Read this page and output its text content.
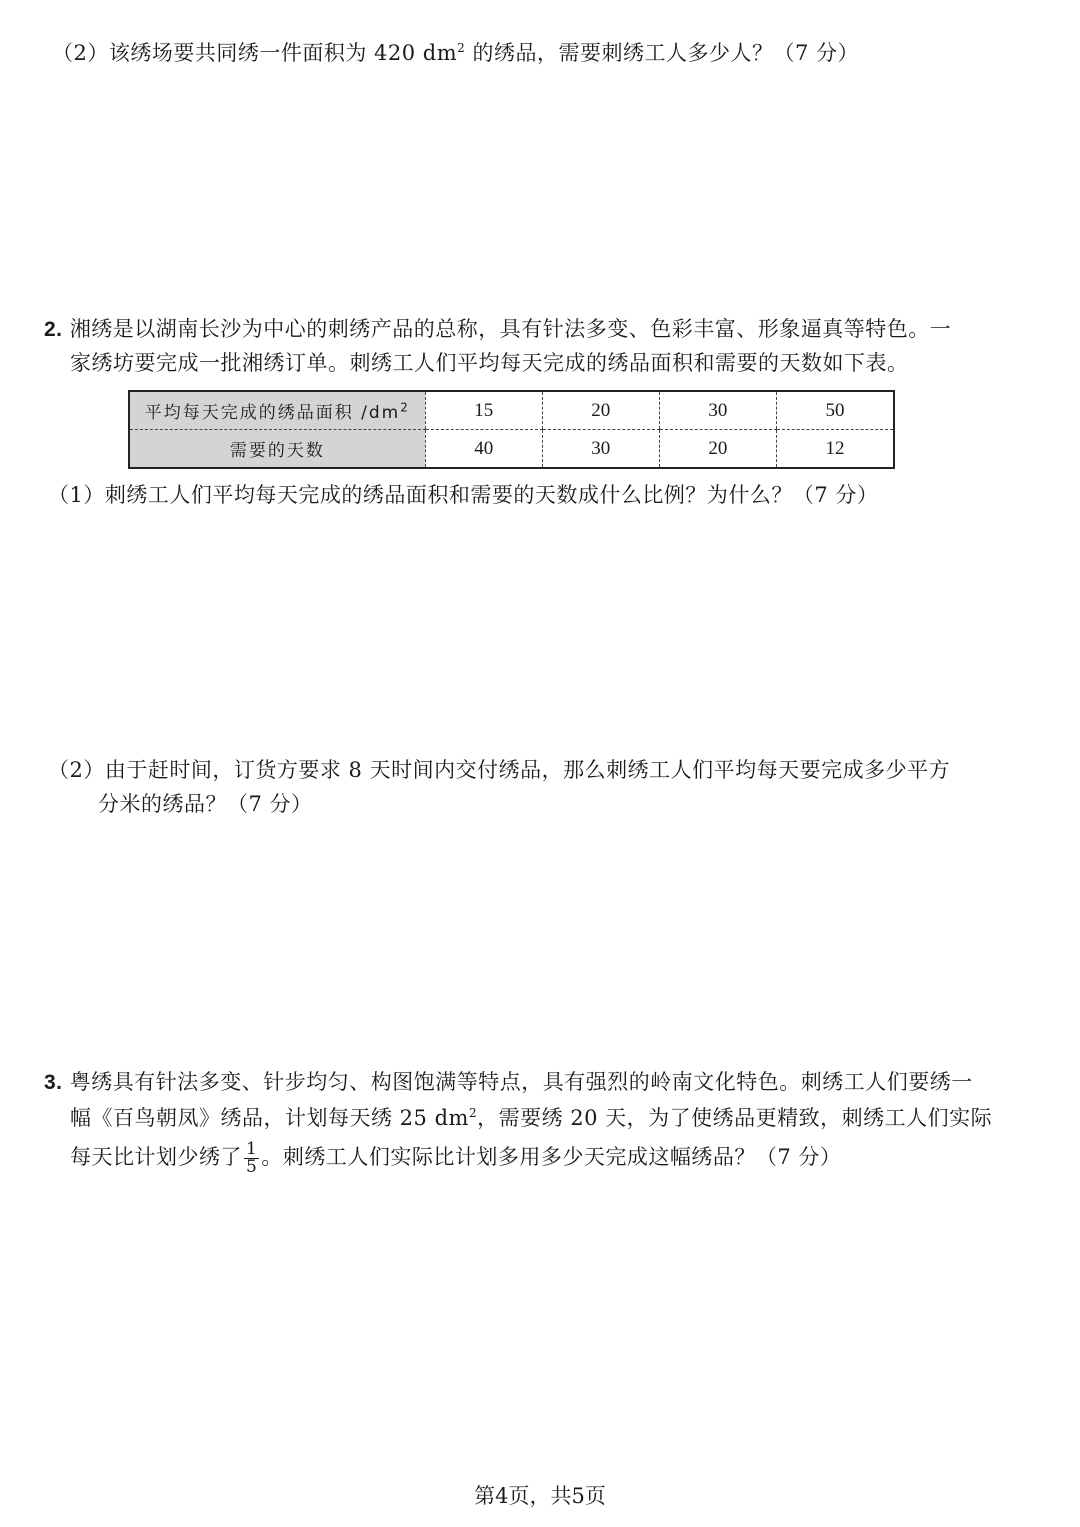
（2）该绣场要共同绣一件面积为 420 $dm^2$ 的绣品，需要刺绣工人多少人？（7 分）
2. 湘绣是以湖南长沙为中心的刺绣产品的总称，具有针法多变、色彩丰富、形象逼真等特色。一
家绣坊要完成一批湘绣订单。刺绣工人们平均每天完成的绣品面积和需要的天数如下表。
平均每天完成的绣品面积 $/dm^2$	15	20	30	50
需要的天数	40	30	20	12
（1）刺绣工人们平均每天完成的绣品面积和需要的天数成什么比例？为什么？（7 分）
（2）由于赶时间，订货方要求 8 天时间内交付绣品，那么刺绣工人们平均每天要完成多少平方
分米的绣品？（7 分）
3. 粤绣具有针法多变、针步均匀、构图饱满等特点，具有强烈的岭南文化特色。刺绣工人们要绣一
幅《百鸟朝凤》绣品，计划每天绣 25 $dm^2$，需要绣 20 天，为了使绣品更精致，刺绣工人们实际
每天比计划少绣了 $\frac{1}{5}$ 。刺绣工人们实际比计划多用多少天完成这幅绣品？（7 分）
第4页，共5页
